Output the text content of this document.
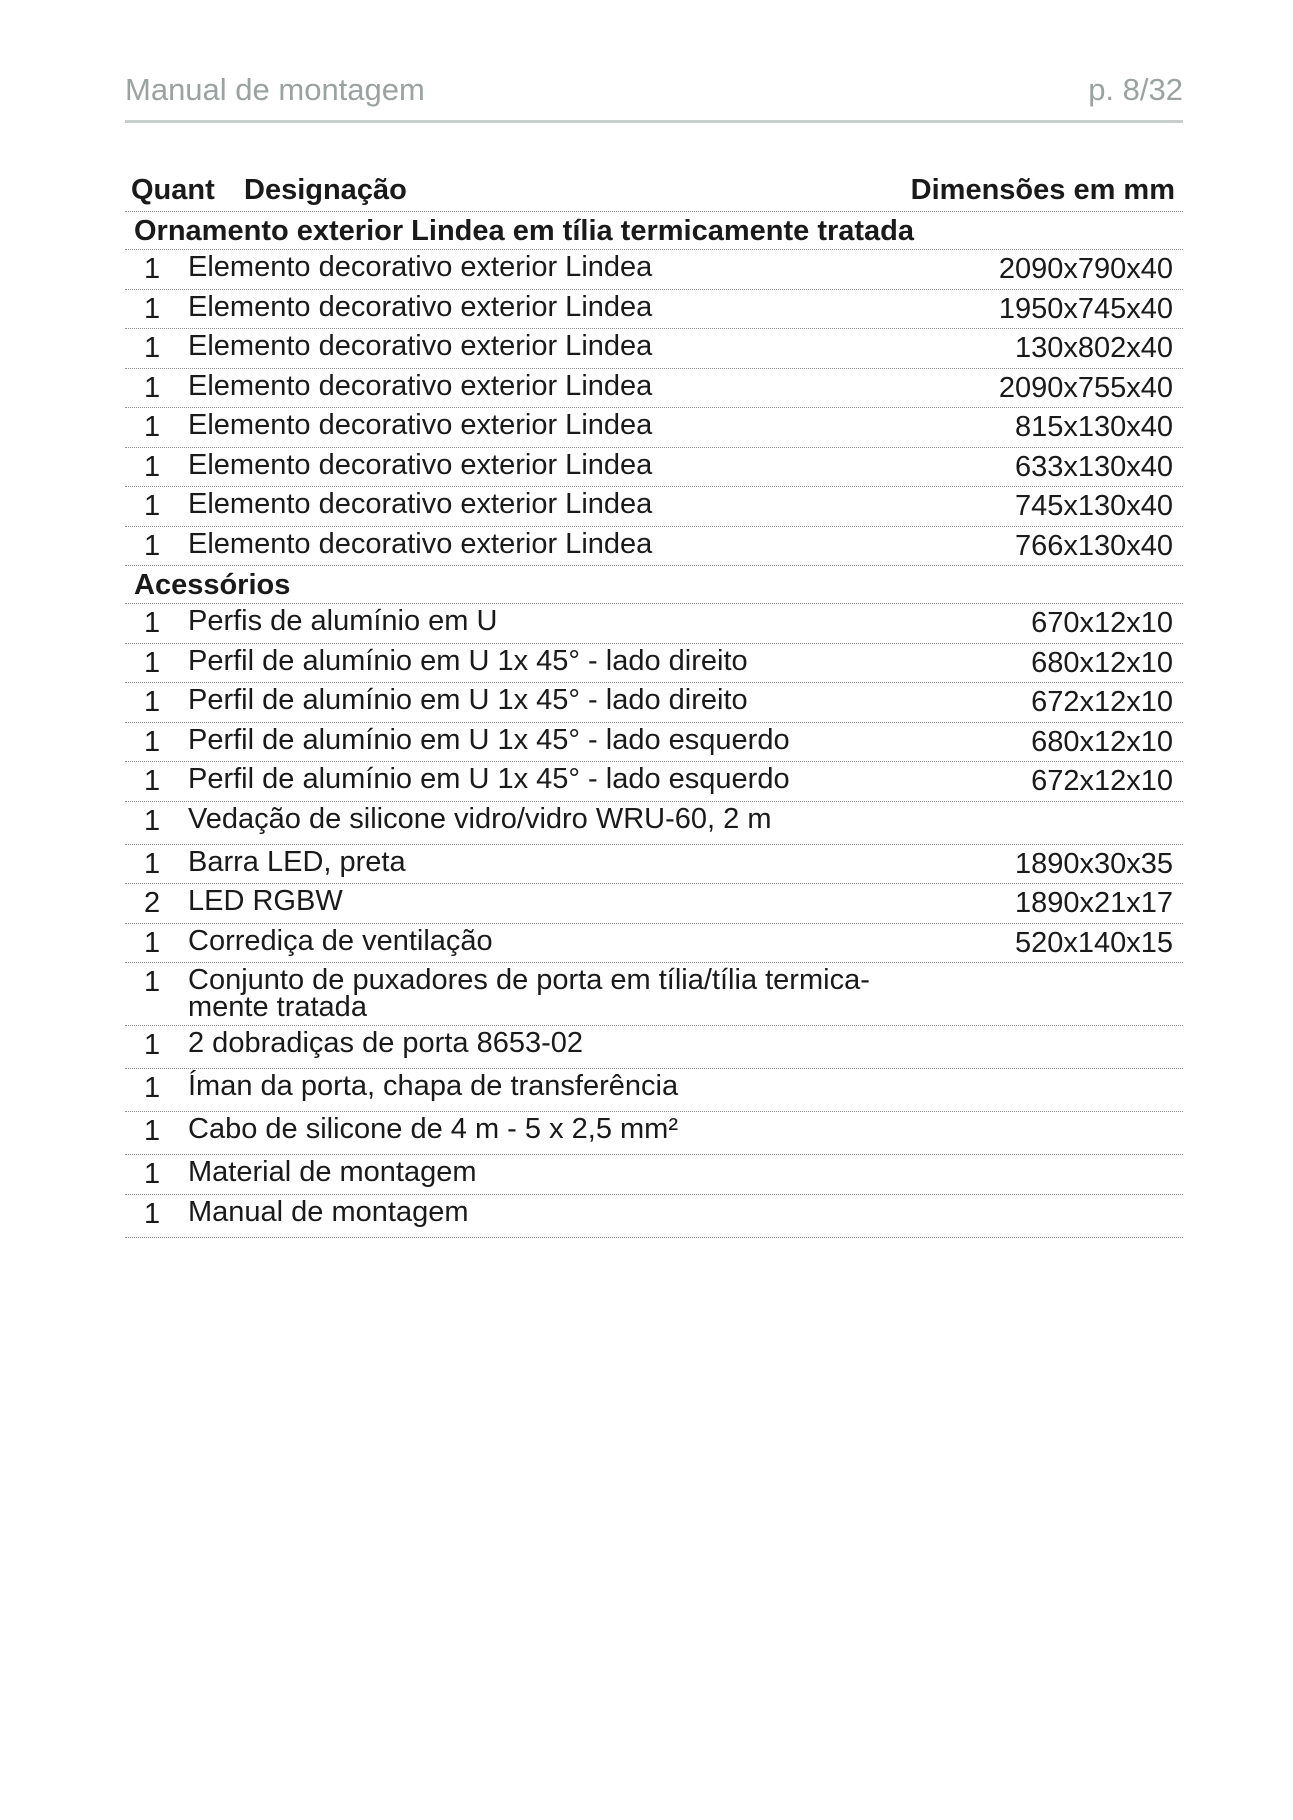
Manual de montagem	p. 8/32
Quant Designação	Dimensões em mm
Ornamento exterior Lindea em tília termicamente tratada
1 Elemento decorativo exterior Lindea	2090x790x40
1 Elemento decorativo exterior Lindea	1950x745x40
1 Elemento decorativo exterior Lindea	130x802x40
1 Elemento decorativo exterior Lindea	2090x755x40
1 Elemento decorativo exterior Lindea	815x130x40
1 Elemento decorativo exterior Lindea	633x130x40
1 Elemento decorativo exterior Lindea	745x130x40
1 Elemento decorativo exterior Lindea	766x130x40
Acessórios
1 Perfis de alumínio em U	670x12x10
1 Perfil de alumínio em U 1x 45° - lado direito	680x12x10
1 Perfil de alumínio em U 1x 45° - lado direito	672x12x10
1 Perfil de alumínio em U 1x 45° - lado esquerdo	680x12x10
1 Perfil de alumínio em U 1x 45° - lado esquerdo	672x12x10
1 Vedação de silicone vidro/vidro WRU-60, 2 m
1 Barra LED, preta	1890x30x35
2 LED RGBW	1890x21x17
1 Corrediça de ventilação	520x140x15
1 Conjunto de puxadores de porta em tília/tília termica-
mente tratada
1 2 dobradiças de porta 8653-02
1 Íman da porta, chapa de transferência
1 Cabo de silicone de 4 m - 5 x 2,5 mm²
1 Material de montagem
1 Manual de montagem
